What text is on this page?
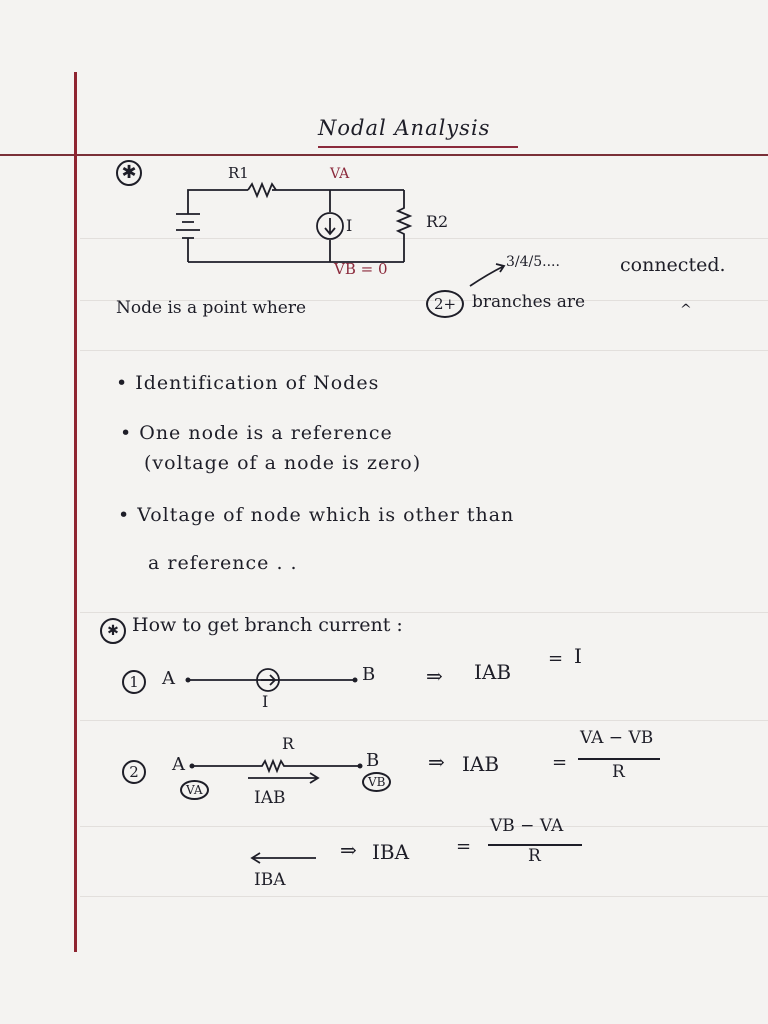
Nodal Analysis
✱	R1	VA
I	R2
VB = 0	3/4/5....	connected.
Node is a point where	2+ branches are	^
• Identification of Nodes
• One node is a reference
(voltage of a node is zero)
• Voltage of node which is other than
a reference . .
✱ How to get branch current :
1	A	B
I
⇒ IAB
= I
2	A
R
B
VA
VB
IAB
⇒ IAB	=
VA − VB
R
IBA
⇒ IBA	=
VB − VA
R
